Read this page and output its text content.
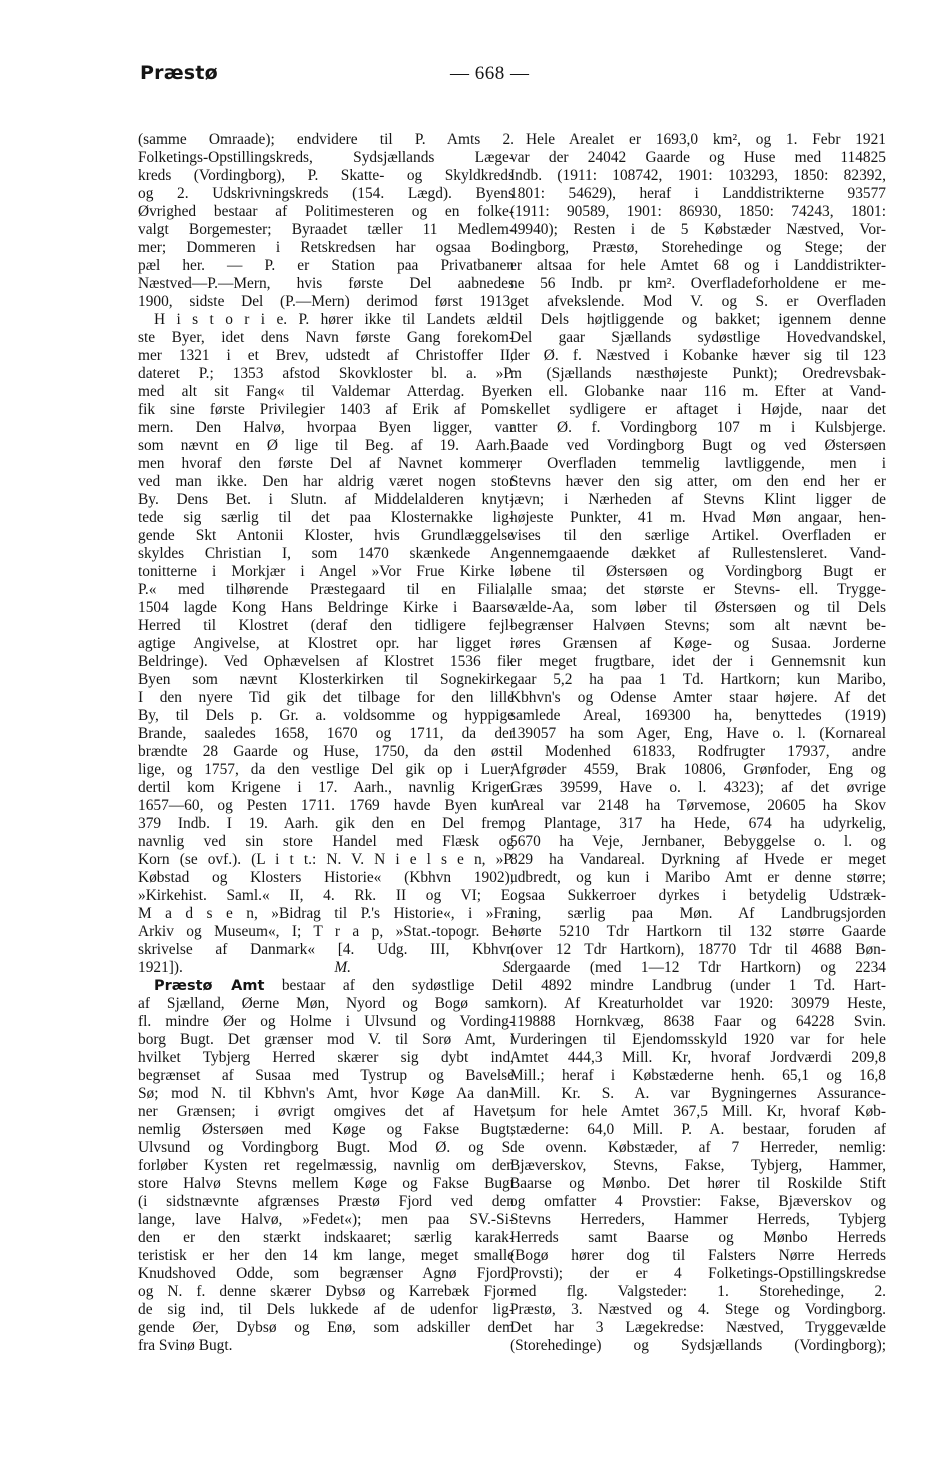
Præstø	— 668 —
(samme Omraade); endvidere til P. Amts 2.
Folketings-Opstillingskreds, Sydsjællands Læge-
kreds (Vordingborg), P. Skatte- og Skyldkreds
og 2. Udskrivningskreds (154. Lægd). Byens
Øvrighed bestaar af Politimesteren og en folke-
valgt Borgemester; Byraadet tæller 11 Medlem-
mer; Dommeren i Retskredsen har ogsaa Bo-
pæl her. — P. er Station paa Privatbanen
Næstved—P.—Mern, hvis første Del aabnedes
1900, sidste Del (P.—Mern) derimod først 1913.
H i s t o r i e. P. hører ikke til Landets æld-
ste Byer, idet dens Navn første Gang forekom-
mer 1321 i et Brev, udstedt af Christoffer II,
dateret P.; 1353 afstod Skovkloster bl. a. »P.
med alt sit Fang« til Valdemar Atterdag. Byen
fik sine første Privilegier 1403 af Erik af Pom-
mern. Den Halvø, hvorpaa Byen ligger, var
som nævnt en Ø lige til Beg. af 19. Aarh.;
men hvoraf den første Del af Navnet kommer,
ved man ikke. Den har aldrig været nogen stor
By. Dens Bet. i Slutn. af Middelalderen knyt-
tede sig særlig til det paa Klosternakke lig-
gende Skt Antonii Kloster, hvis Grundlæggelse
skyldes Christian I, som 1470 skænkede An-
tonitterne i Morkjær i Angel »Vor Frue Kirke i
P.« med tilhørende Præstegaard til en Filial;
1504 lagde Kong Hans Beldringe Kirke i Baarse
Herred til Klostret (deraf den tidligere fejl-
agtige Angivelse, at Klostret opr. har ligget i
Beldringe). Ved Ophævelsen af Klostret 1536 fik
Byen som nævnt Klosterkirken til Sognekirke.
I den nyere Tid gik det tilbage for den lille
By, til Dels p. Gr. a. voldsomme og hyppige
Brande, saaledes 1658, 1670 og 1711, da der
brændte 28 Gaarde og Huse, 1750, da den øst-
lige, og 1757, da den vestlige Del gik op i Luer;
dertil kom Krigene i 17. Aarh., navnlig Krigen
1657—60, og Pesten 1711. 1769 havde Byen kun
379 Indb. I 19. Aarh. gik den en Del frem,
navnlig ved sin store Handel med Flæsk og
Korn (se ovf.). (L i t t.: N. V. N i e l s e n, »P.
Købstad og Klosters Historie« (Kbhvn 1902);
»Kirkehist. Saml.« II, 4. Rk. II og VI; E.
M a d s e n, »Bidrag til P.'s Historie«, i »Fra
Arkiv og Museum«, I; T r a p, »Stat.-topogr. Be-
skrivelse af Danmark« [4. Udg. III, Kbhvn
1921]).	M. S.
Præstø Amt bestaar af den sydøstlige Del
af Sjælland, Øerne Møn, Nyord og Bogø samt
fl. mindre Øer og Holme i Ulvsund og Vording-
borg Bugt. Det grænser mod V. til Sorø Amt, i
hvilket Tybjerg Herred skærer sig dybt ind,
begrænset af Susaa med Tystrup og Bavelse
Sø; mod N. til Kbhvn's Amt, hvor Køge Aa dan-
ner Grænsen; i øvrigt omgives det af Havet,
nemlig Østersøen med Køge og Fakse Bugt,
Ulvsund og Vordingborg Bugt. Mod Ø. og S.
forløber Kysten ret regelmæssig, navnlig om den
store Halvø Stevns mellem Køge og Fakse Bugt
(i sidstnævnte afgrænses Præstø Fjord ved den
lange, lave Halvø, »Fedet«); men paa SV.-Si-
den er den stærkt indskaaret; særlig karak-
teristisk er her den 14 km lange, meget smalle
Knudshoved Odde, som begrænser Agnø Fjord,
og N. f. denne skærer Dybsø og Karrebæk Fjor-
de sig ind, til Dels lukkede af de udenfor lig-
gende Øer, Dybsø og Enø, som adskiller dem
fra Svinø Bugt.
Hele Arealet er 1693,0 km², og 1. Febr 1921
var der 24042 Gaarde og Huse med 114825
Indb. (1911: 108742, 1901: 103293, 1850: 82392,
1801: 54629), heraf i Landdistrikterne 93577
(1911: 90589, 1901: 86930, 1850: 74243, 1801:
49940); Resten i de 5 Købstæder Næstved, Vor-
dingborg, Præstø, Storehedinge og Stege; der
er altsaa for hele Amtet 68 og i Landdistrikter-
ne 56 Indb. pr km². Overfladeforholdene er me-
get afvekslende. Mod V. og S. er Overfladen
til Dels højtliggende og bakket; igennem denne
Del gaar Sjællands sydøstlige Hovedvandskel,
der Ø. f. Næstved i Kobanke hæver sig til 123
m (Sjællands næsthøjeste Punkt); Oredrevsbak-
ken ell. Globanke naar 116 m. Efter at Vand-
skellet sydligere er aftaget i Højde, naar det
atter Ø. f. Vordingborg 107 m i Kulsbjerge.
Baade ved Vordingborg Bugt og ved Østersøen
er Overfladen temmelig lavtliggende, men i
Stevns hæver den sig atter, om den end her er
jævn; i Nærheden af Stevns Klint ligger de
højeste Punkter, 41 m. Hvad Møn angaar, hen-
vises til den særlige Artikel. Overfladen er
gennemgaaende dækket af Rullestensleret. Vand-
løbene til Østersøen og Vordingborg Bugt er
alle smaa; det største er Stevns- ell. Trygge-
vælde-Aa, som løber til Østersøen og til Dels
begrænser Halvøen Stevns; som alt nævnt be-
røres Grænsen af Køge- og Susaa. Jorderne
er meget frugtbare, idet der i Gennemsnit kun
gaar 5,2 ha paa 1 Td. Hartkorn; kun Maribo,
Kbhvn's og Odense Amter staar højere. Af det
samlede Areal, 169300 ha, benyttedes (1919)
139057 ha som Ager, Eng, Have o. l. (Kornareal
til Modenhed 61833, Rodfrugter 17937, andre
Afgrøder 4559, Brak 10806, Grønfoder, Eng og
Græs 39599, Have o. l. 4323); af det øvrige
Areal var 2148 ha Tørvemose, 20605 ha Skov
og Plantage, 317 ha Hede, 674 ha udyrkelig,
5670 ha Veje, Jernbaner, Bebyggelse o. l. og
829 ha Vandareal. Dyrkning af Hvede er meget
udbredt, og kun i Maribo Amt er denne større;
ogsaa Sukkerroer dyrkes i betydelig Udstræk-
ning, særlig paa Møn. Af Landbrugsjorden
hørte 5210 Tdr Hartkorn til 132 større Gaarde
(over 12 Tdr Hartkorn), 18770 Tdr til 4688 Bøn-
dergaarde (med 1—12 Tdr Hartkorn) og 2234
til 4892 mindre Landbrug (under 1 Td. Hart-
korn). Af Kreaturholdet var 1920: 30979 Heste,
119888 Hornkvæg, 8638 Faar og 64228 Svin.
Vurderingen til Ejendomsskyld 1920 var for hele
Amtet 444,3 Mill. Kr, hvoraf Jordværdi 209,8
Mill.; heraf i Købstæderne henh. 65,1 og 16,8
Mill. Kr. S. A. var Bygningernes Assurance-
sum for hele Amtet 367,5 Mill. Kr, hvoraf Køb-
stæderne: 64,0 Mill. P. A. bestaar, foruden af
de ovenn. Købstæder, af 7 Herreder, nemlig:
Bjæverskov, Stevns, Fakse, Tybjerg, Hammer,
Baarse og Mønbo. Det hører til Roskilde Stift
og omfatter 4 Provstier: Fakse, Bjæverskov og
Stevns Herreders, Hammer Herreds, Tybjerg
Herreds samt Baarse og Mønbo Herreds
(Bogø hører dog til Falsters Nørre Herreds
Provsti); der er 4 Folketings-Opstillingskredse
med flg. Valgsteder: 1. Storehedinge, 2.
Præstø, 3. Næstved og 4. Stege og Vordingborg.
Det har 3 Lægekredse: Næstved, Tryggevælde
(Storehedinge) og Sydsjællands (Vordingborg);
